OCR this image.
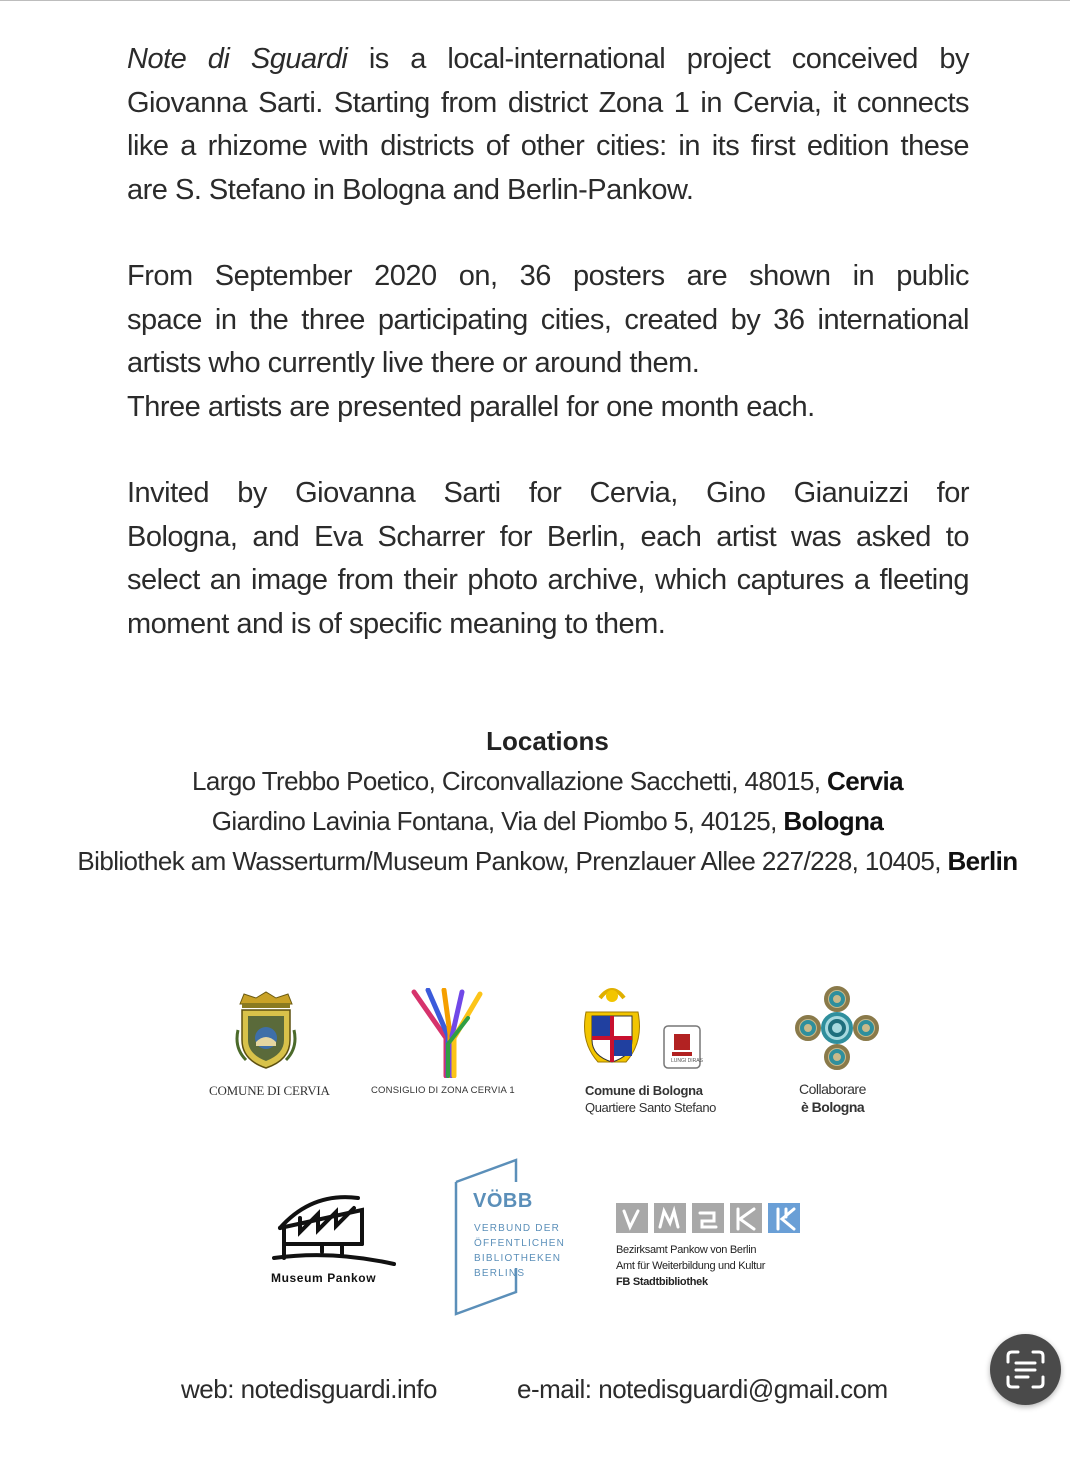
Note di Sguardi is a local-international project conceived by
Giovanna Sarti. Starting from district Zona 1 in Cervia, it connects
like a rhizome with districts of other cities: in its first edition these
are S. Stefano in Bologna and Berlin-Pankow.
From September 2020 on, 36 posters are shown in public
space in the three participating cities, created by 36 international
artists who currently live there or around them.
Three artists are presented parallel for one month each.
Invited by Giovanna Sarti for Cervia, Gino Gianuizzi for
Bologna, and Eva Scharrer for Berlin, each artist was asked to
select an image from their photo archive, which captures a fleeting
moment and is of specific meaning to them.
Locations
Largo Trebbo Poetico, Circonvallazione Sacchetti, 48015, Cervia
Giardino Lavinia Fontana, Via del Piombo 5, 40125, Bologna
Bibliothek am Wasserturm/Museum Pankow, Prenzlauer Allee 227/228, 10405, Berlin
COMUNE DI CERVIA	CONSIGLIO DI ZONA CERVIA 1
LUNGI DIRAS
Comune di Bologna
Quartiere Santo Stefano
Collaborare
è Bologna
Museum Pankow
VÖBB
VERBUND DER
ÖFFENTLICHEN
BIBLIOTHEKEN
BERLINS
Bezirksamt Pankow von Berlin
Amt für Weiterbildung und Kultur
FB Stadtbibliothek
web: notedisguardi.info	e-mail: notedisguardi@gmail.com
